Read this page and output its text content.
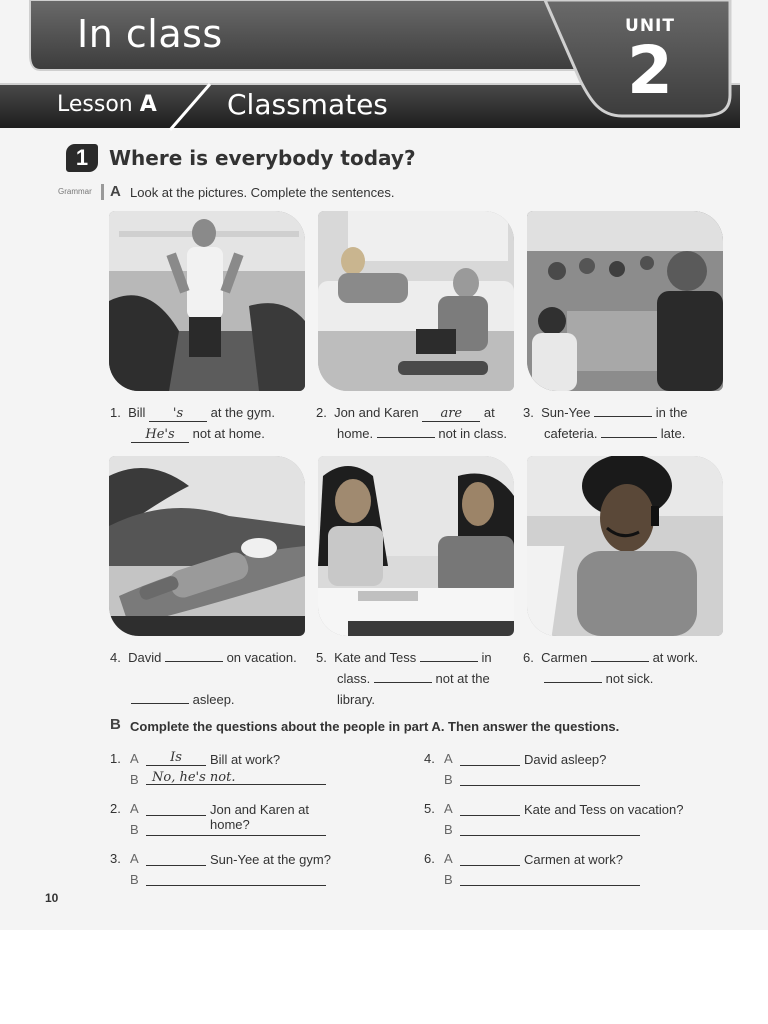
In class	UNIT
2
Lesson A	Classmates
1	Where is everybody today?
Grammar A Look at the pictures. Complete the sentences.
1. Bill 's at the gym.
He's not at home.
2. Jon and Karen are at
home.	not in class.
3. Sun-Yee	in the
cafeteria.	late.
4. David	on vacation.

asleep.
5. Kate and Tess	in
class.	not at the
library.
6. Carmen	at work.
not sick.
B Complete the questions about the people in part A. Then answer the questions.
1. A	Is	Bill at work?
B	No, he's not.
2. A	Jon and Karen at home?
B
3. A	Sun-Yee at the gym?
B
4. A	David asleep?
B
5. A	Kate and Tess on vacation?
B
6. A	Carmen at work?
B
10
